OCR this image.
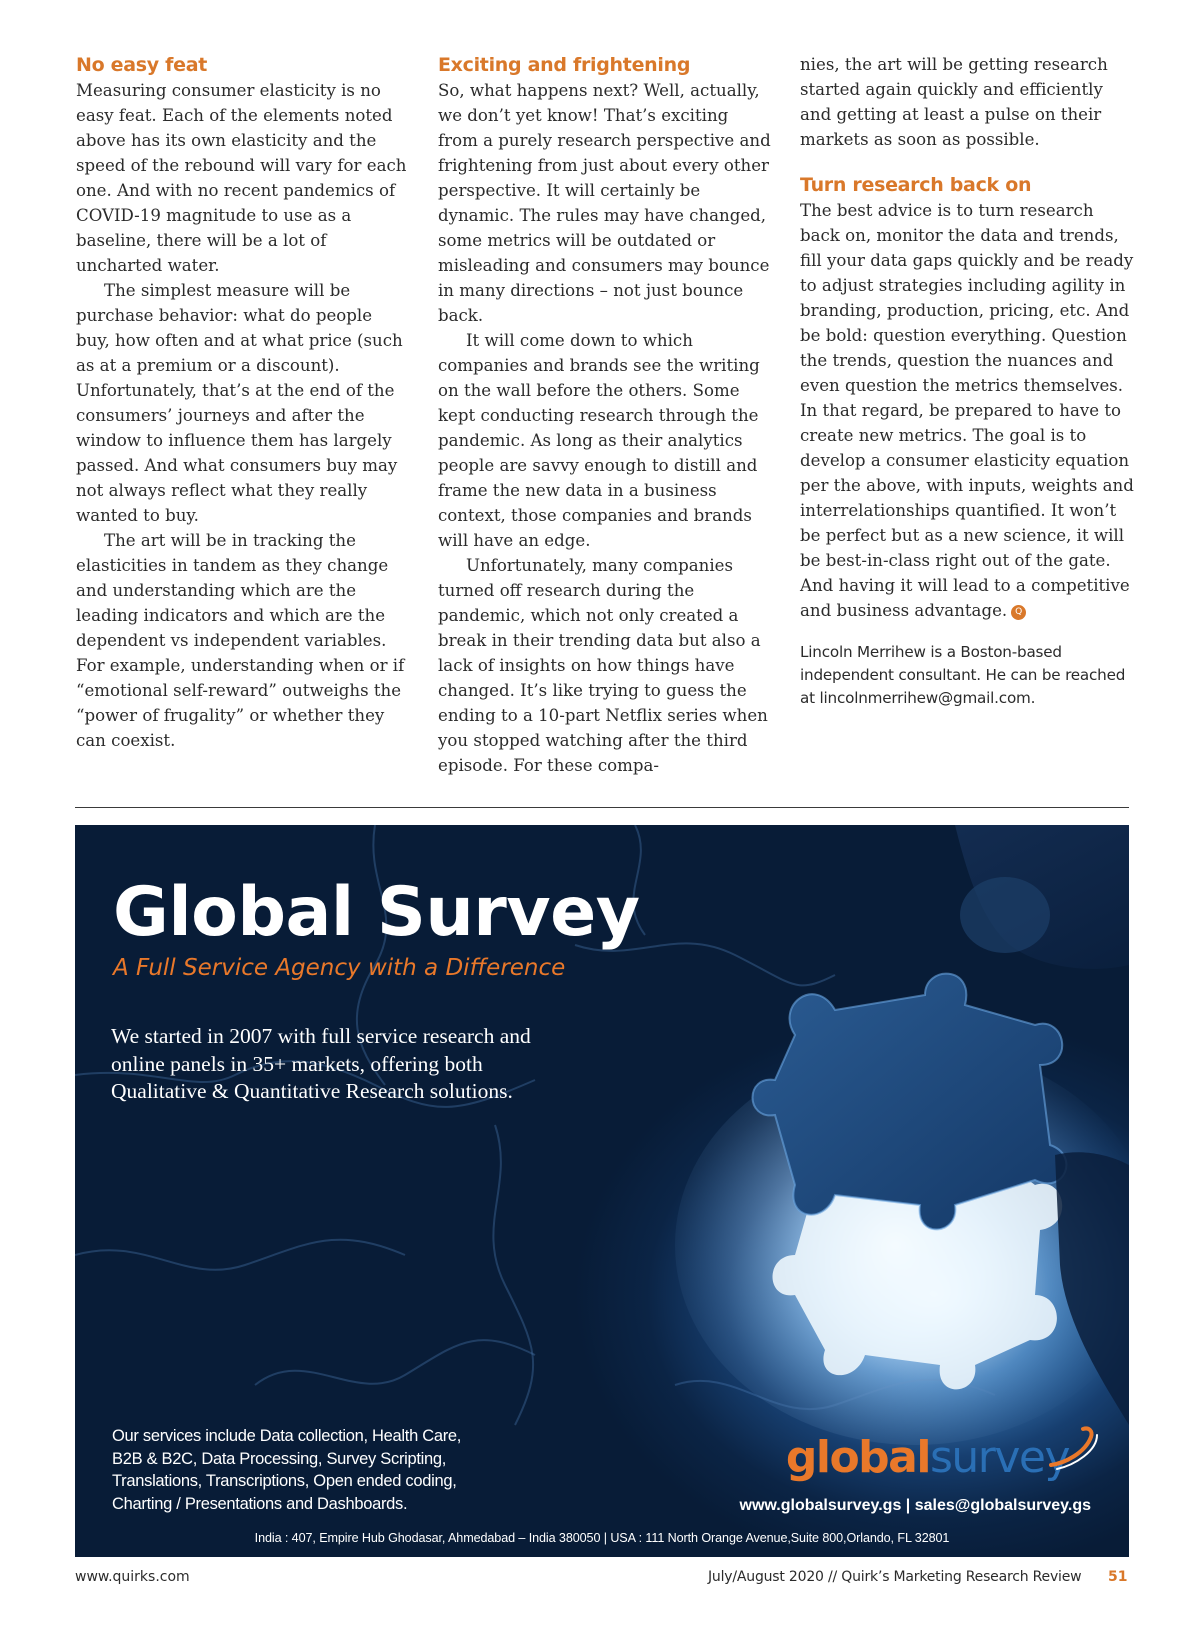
No easy feat

Measuring consumer elasticity is no easy feat. Each of the elements noted above has its own elasticity and the speed of the rebound will vary for each one. And with no recent pandemics of COVID-19 magnitude to use as a baseline, there will be a lot of uncharted water.

The simplest measure will be purchase behavior: what do people buy, how often and at what price (such as at a premium or a discount). Unfortunately, that’s at the end of the consumers’ journeys and after the window to influence them has largely passed. And what consumers buy may not always reflect what they really wanted to buy.

The art will be in tracking the elasticities in tandem as they change and understanding which are the leading indicators and which are the dependent vs independent variables. For example, understanding when or if “emotional self-reward” outweighs the “power of frugality” or whether they can coexist.

Exciting and frightening

So, what happens next? Well, actually, we don’t yet know! That’s exciting from a purely research perspective and frightening from just about every other perspective. It will certainly be dynamic. The rules may have changed, some metrics will be outdated or misleading and consumers may bounce in many directions – not just bounce back.

It will come down to which companies and brands see the writing on the wall before the others. Some kept conducting research through the pandemic. As long as their analytics people are savvy enough to distill and frame the new data in a business context, those companies and brands will have an edge.

Unfortunately, many companies turned off research during the pandemic, which not only created a break in their trending data but also a lack of insights on how things have changed. It’s like trying to guess the ending to a 10-part Netflix series when you stopped watching after the third episode. For these compa-

nies, the art will be getting research started again quickly and efficiently and getting at least a pulse on their markets as soon as possible.

Turn research back on

The best advice is to turn research back on, monitor the data and trends, fill your data gaps quickly and be ready to adjust strategies including agility in branding, production, pricing, etc. And be bold: question everything. Question the trends, question the nuances and even question the metrics themselves. In that regard, be prepared to have to create new metrics. The goal is to develop a consumer elasticity equation per the above, with inputs, weights and interrelationships quantified. It won’t be perfect but as a new science, it will be best-in-class right out of the gate. And having it will lead to a competitive and business advantage. Q

Lincoln Merrihew is a Boston-based independent consultant. He can be reached at lincolnmerrihew@gmail.com.

Global Survey
A Full Service Agency with a Difference
We started in 2007 with full service research and online panels in 35+ markets, offering both Qualitative & Quantitative Research solutions.
Our services include Data collection, Health Care, B2B & B2C, Data Processing, Survey Scripting, Translations, Transcriptions, Open ended coding, Charting / Presentations and Dashboards.
globalsurvey
www.globalsurvey.gs | sales@globalsurvey.gs
India : 407, Empire Hub Ghodasar, Ahmedabad – India 380050 | USA : 111 North Orange Avenue,Suite 800,Orlando, FL 32801
www.quirks.com	July/August 2020 // Quirk’s Marketing Research Review 51
